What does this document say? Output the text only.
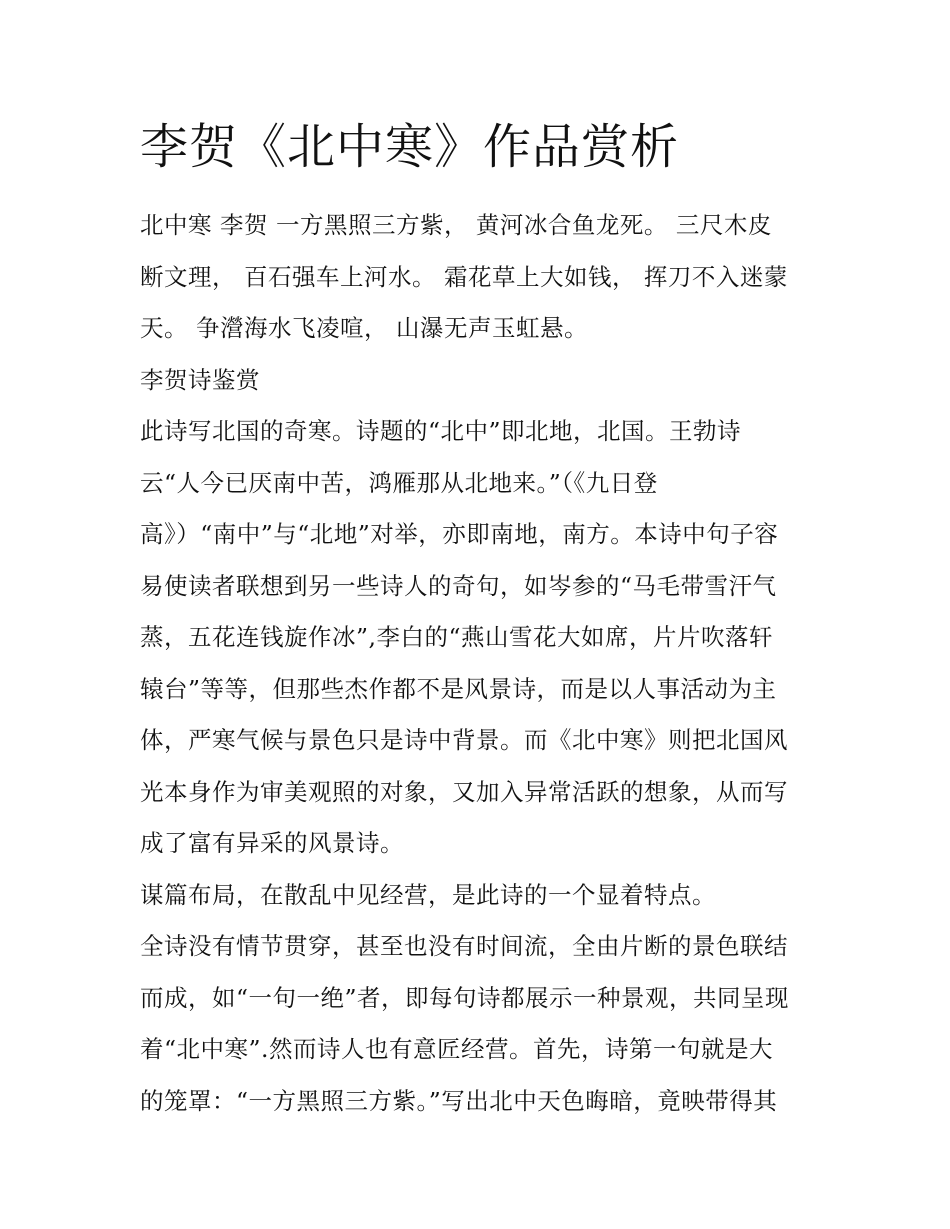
李贺《北中寒》作品赏析
北中寒 李贺 一方黑照三方紫， 黄河冰合鱼龙死。 三尺木皮
断文理， 百石强车上河水。 霜花草上大如钱， 挥刀不入迷蒙
天。 争瀯海水飞凌喧， 山瀑无声玉虹悬。
李贺诗鉴赏
此诗写北国的奇寒。诗题的“北中”即北地，北国。王勃诗
云“人今已厌南中苦，鸿雁那从北地来。”（《九日登
高》）“南中”与“北地”对举，亦即南地，南方。本诗中句子容
易使读者联想到另一些诗人的奇句，如岑参的“马毛带雪汗气
蒸，五花连钱旋作冰”,李白的“燕山雪花大如席，片片吹落轩
辕台”等等，但那些杰作都不是风景诗，而是以人事活动为主
体，严寒气候与景色只是诗中背景。而《北中寒》则把北国风
光本身作为审美观照的对象，又加入异常活跃的想象，从而写
成了富有异采的风景诗。
谋篇布局，在散乱中见经营，是此诗的一个显着特点。
全诗没有情节贯穿，甚至也没有时间流，全由片断的景色联结
而成，如“一句一绝”者，即每句诗都展示一种景观，共同呈现
着“北中寒”.然而诗人也有意匠经营。首先，诗第一句就是大
的笼罩：“一方黑照三方紫。”写出北中天色晦暗，竟映带得其
